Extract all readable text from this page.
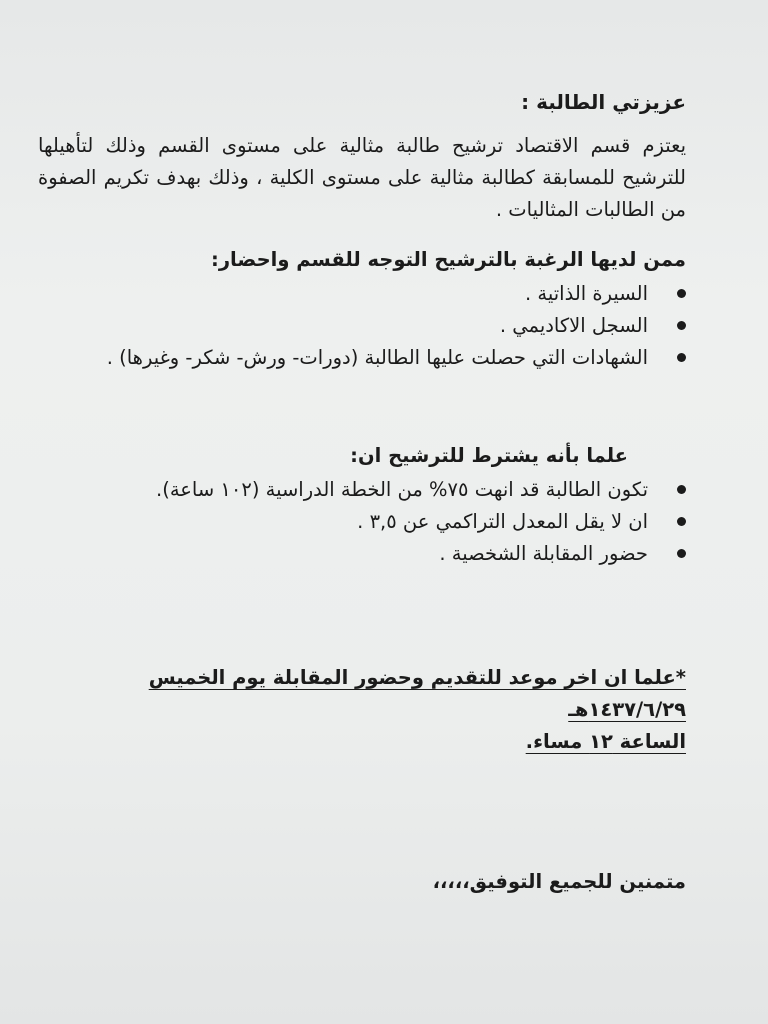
عزيزتي الطالبة :

يعتزم قسم الاقتصاد ترشيح طالبة مثالية على مستوى القسم وذلك لتأهيلها للترشيح للمسابقة كطالبة مثالية على مستوى الكلية ، وذلك بهدف تكريم الصفوة من الطالبات المثاليات .

ممن لديها الرغبة بالترشيح التوجه للقسم واحضار:

السيرة الذاتية .
السجل الاكاديمي .
الشهادات التي حصلت عليها الطالبة (دورات- ورش- شكر- وغيرها) .

علما بأنه يشترط للترشيح ان:

تكون الطالبة قد انهت ٧٥% من الخطة الدراسية (١٠٢ ساعة).
ان لا يقل المعدل التراكمي عن ٣,٥ .
حضور المقابلة الشخصية .
*علما ان اخر موعد للتقديم وحضور المقابلة يوم الخميس ١٤٣٧/٦/٢٩هـ
الساعة ١٢ مساء.

متمنين للجميع التوفيق،،،،،
